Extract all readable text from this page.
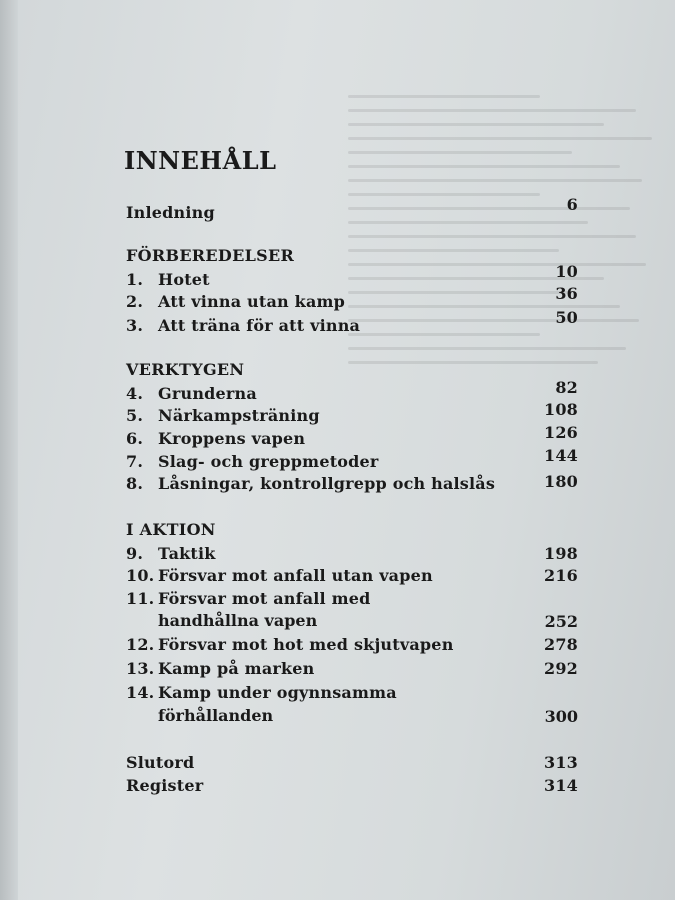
INNEHÅLL
Inledning	6
FÖRBEREDELSER
1. Hotet	10
2. Att vinna utan kamp	36
3. Att träna för att vinna	50
VERKTYGEN
4. Grunderna	82
5. Närkampsträning	108
6. Kroppens vapen	126
7. Slag- och greppmetoder	144
8. Låsningar, kontrollgrepp och halslås	180
I AKTION
9. Taktik	198
10. Försvar mot anfall utan vapen	216
11. Försvar mot anfall med
handhållna vapen	252
12. Försvar mot hot med skjutvapen	278
13. Kamp på marken	292
14. Kamp under ogynnsamma
förhållanden	300
Slutord	313
Register	314
